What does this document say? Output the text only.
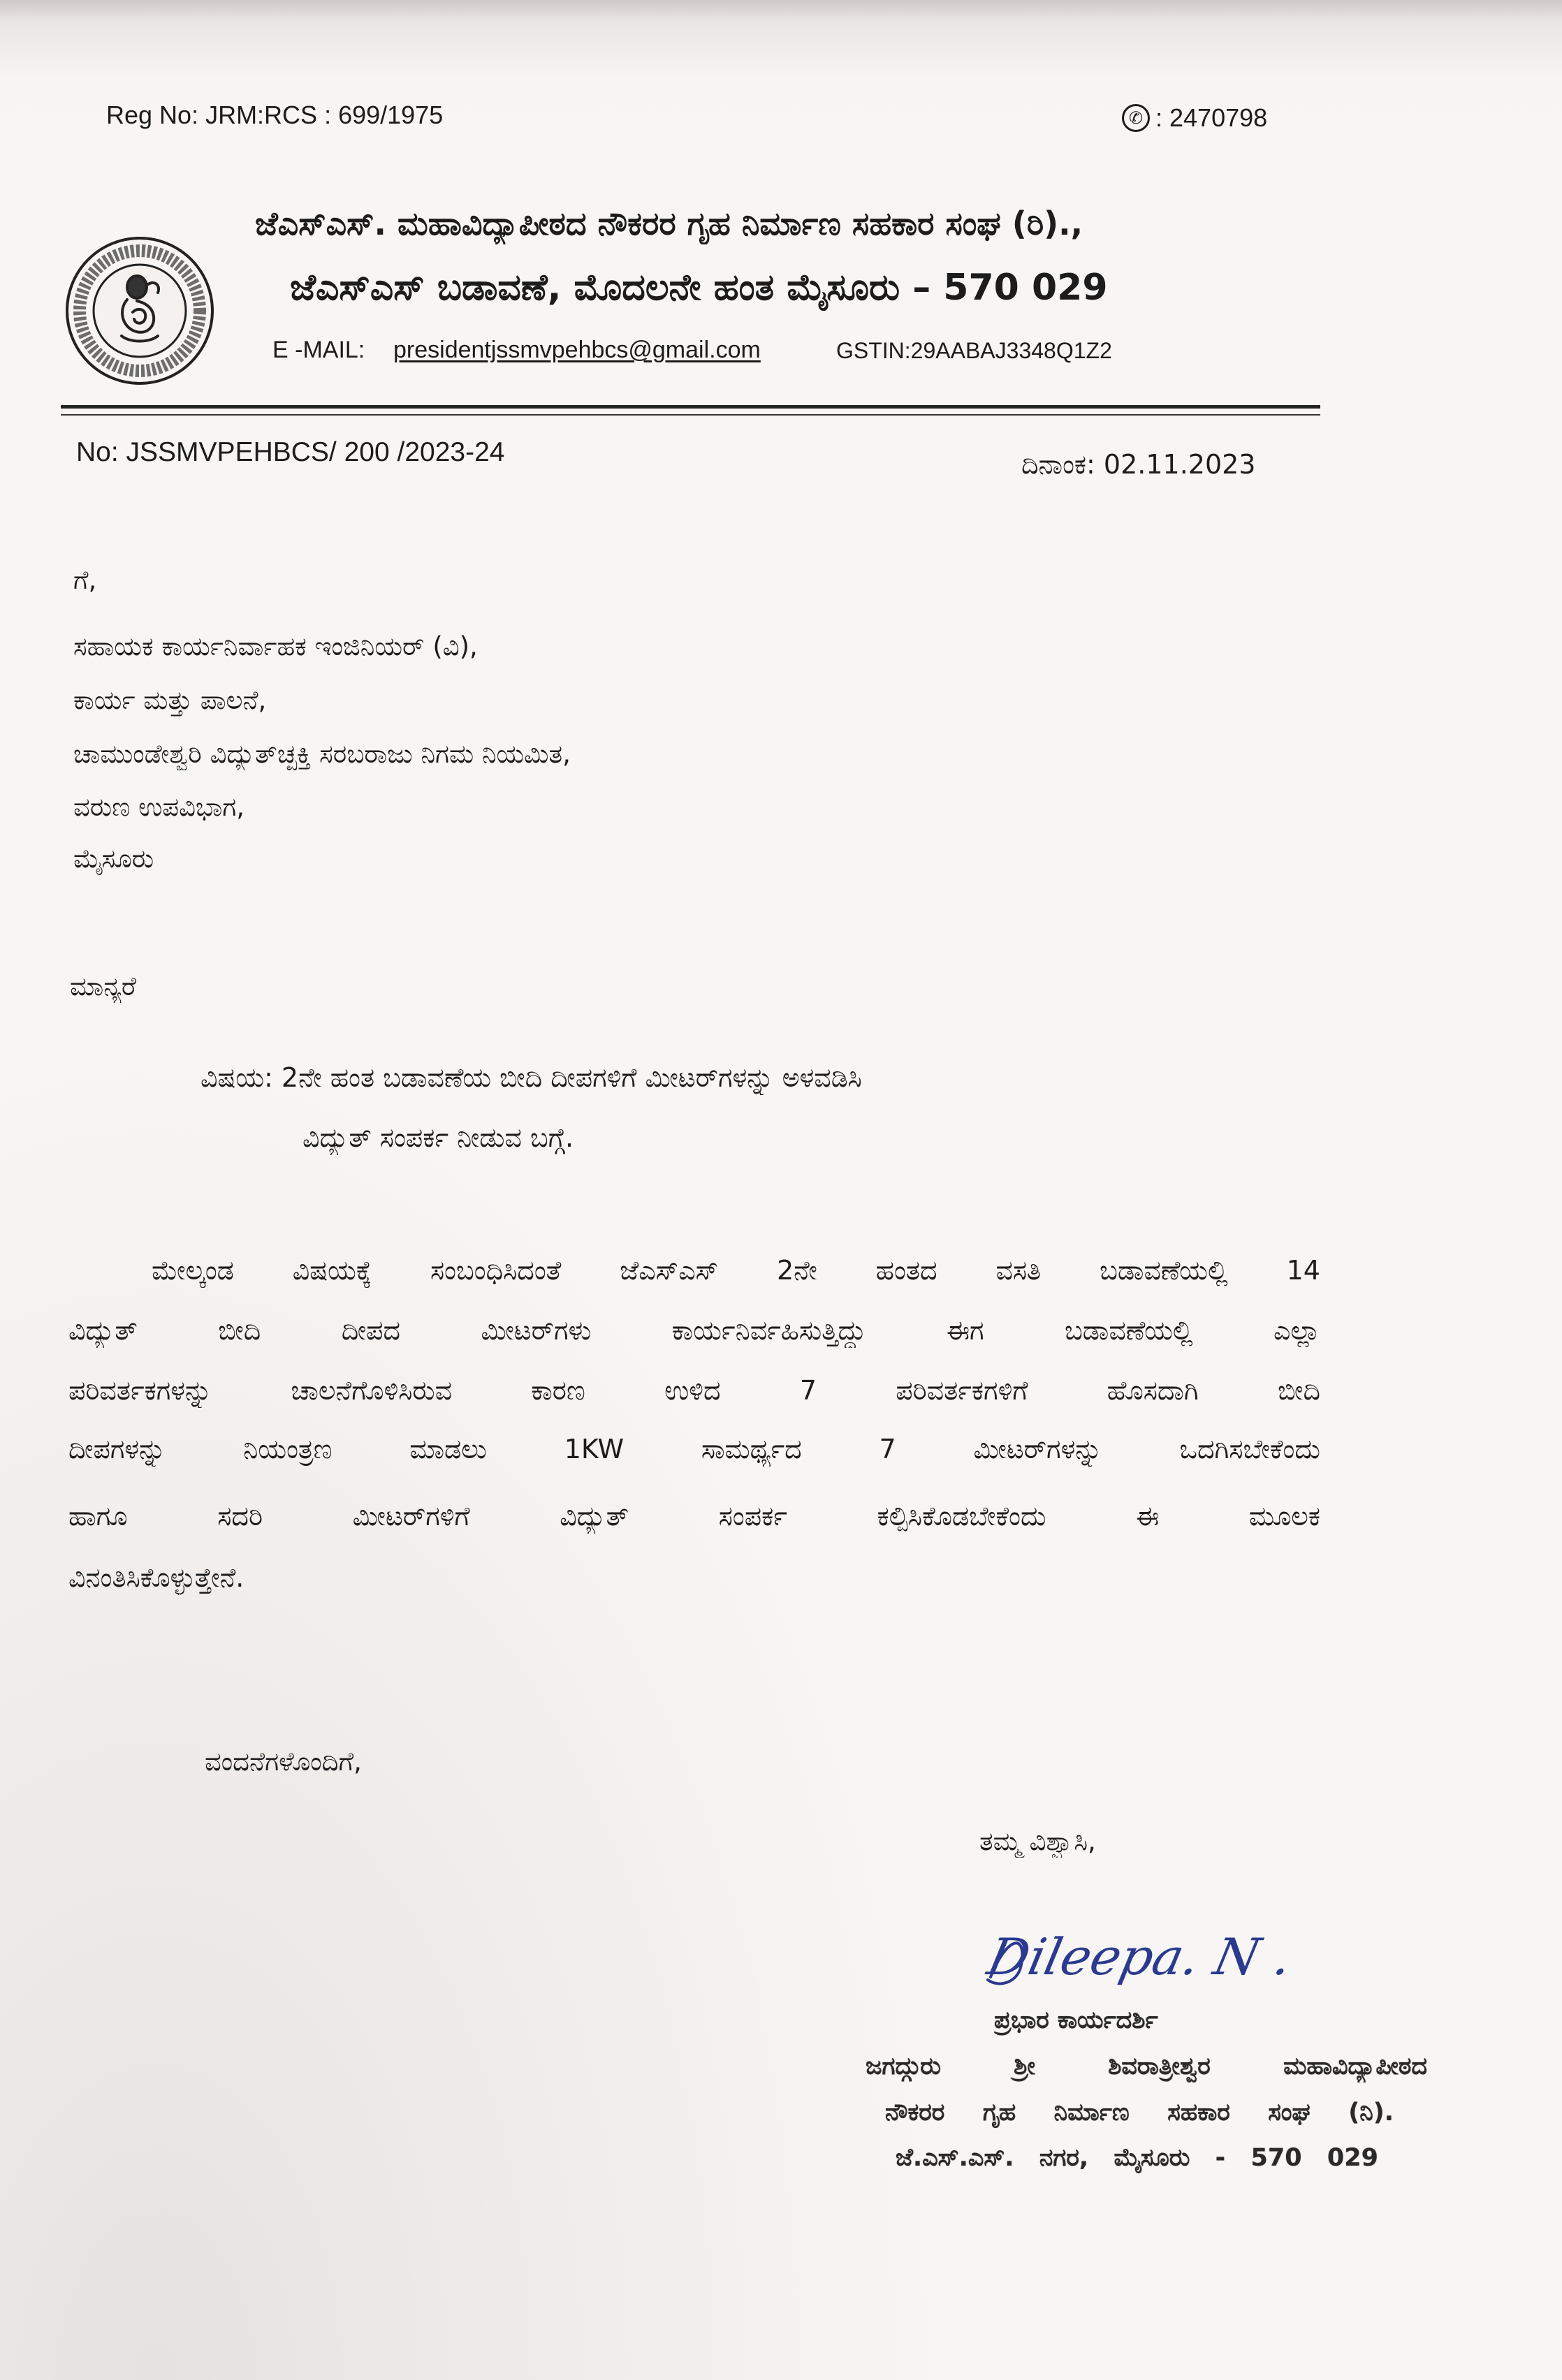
Reg No: JRM:RCS : 699/1975	✆ : 2470798
ಜೆಎಸ್‌ಎಸ್. ಮಹಾವಿದ್ಯಾಪೀಠದ ನೌಕರರ ಗೃಹ ನಿರ್ಮಾಣ ಸಹಕಾರ ಸಂಘ (ರಿ).,
ಜೆಎಸ್‌ಎಸ್ ಬಡಾವಣೆ, ಮೊದಲನೇ ಹಂತ ಮೈಸೂರು – 570 029
E -MAIL:	presidentjssmvpehbcs@gmail.com	GSTIN:29AABAJ3348Q1Z2
No: JSSMVPEHBCS/ 200 /2023-24	ದಿನಾಂಕ: 02.11.2023
ಗೆ,
ಸಹಾಯಕ ಕಾರ್ಯನಿರ್ವಾಹಕ ಇಂಜಿನಿಯರ್ (ವಿ),
ಕಾರ್ಯ ಮತ್ತು ಪಾಲನೆ,
ಚಾಮುಂಡೇಶ್ವರಿ ವಿದ್ಯುತ್‌ಚ್ಛಕ್ತಿ ಸರಬರಾಜು ನಿಗಮ ನಿಯಮಿತ,
ವರುಣ ಉಪವಿಭಾಗ,
ಮೈಸೂರು
ಮಾನ್ಯರೆ
ವಿಷಯ: 2ನೇ ಹಂತ ಬಡಾವಣೆಯ ಬೀದಿ ದೀಪಗಳಿಗೆ ಮೀಟರ್‌ಗಳನ್ನು ಅಳವಡಿಸಿ
ವಿದ್ಯುತ್ ಸಂಪರ್ಕ ನೀಡುವ ಬಗ್ಗೆ.
ಮೇಲ್ಕಂಡ ವಿಷಯಕ್ಕೆ ಸಂಬಂಧಿಸಿದಂತೆ ಜೆಎಸ್‌ಎಸ್ 2ನೇ ಹಂತದ ವಸತಿ ಬಡಾವಣೆಯಲ್ಲಿ 14
ವಿದ್ಯುತ್ ಬೀದಿ ದೀಪದ ಮೀಟರ್‌ಗಳು ಕಾರ್ಯನಿರ್ವಹಿಸುತ್ತಿದ್ದು ಈಗ ಬಡಾವಣೆಯಲ್ಲಿ ಎಲ್ಲಾ
ಪರಿವರ್ತಕಗಳನ್ನು ಚಾಲನೆಗೊಳಿಸಿರುವ ಕಾರಣ ಉಳಿದ 7 ಪರಿವರ್ತಕಗಳಿಗೆ ಹೊಸದಾಗಿ ಬೀದಿ
ದೀಪಗಳನ್ನು ನಿಯಂತ್ರಣ ಮಾಡಲು 1KW ಸಾಮರ್ಥ್ಯದ 7 ಮೀಟರ್‌ಗಳನ್ನು ಒದಗಿಸಬೇಕೆಂದು
ಹಾಗೂ ಸದರಿ ಮೀಟರ್‌ಗಳಿಗೆ ವಿದ್ಯುತ್ ಸಂಪರ್ಕ ಕಲ್ಪಿಸಿಕೊಡಬೇಕೆಂದು ಈ ಮೂಲಕ
ವಿನಂತಿಸಿಕೊಳ್ಳುತ್ತೇನೆ.
ವಂದನೆಗಳೊಂದಿಗೆ,
ತಮ್ಮ ವಿಶ್ವಾಸಿ,
Dileepa. N .
ಪ್ರಭಾರ ಕಾರ್ಯದರ್ಶಿ
ಜಗದ್ಗುರು ಶ್ರೀ ಶಿವರಾತ್ರೀಶ್ವರ ಮಹಾವಿದ್ಯಾಪೀಠದ
ನೌಕರರ ಗೃಹ ನಿರ್ಮಾಣ ಸಹಕಾರ ಸಂಘ (ನಿ).
ಜೆ.ಎಸ್.ಎಸ್. ನಗರ, ಮೈಸೂರು - 570 029
